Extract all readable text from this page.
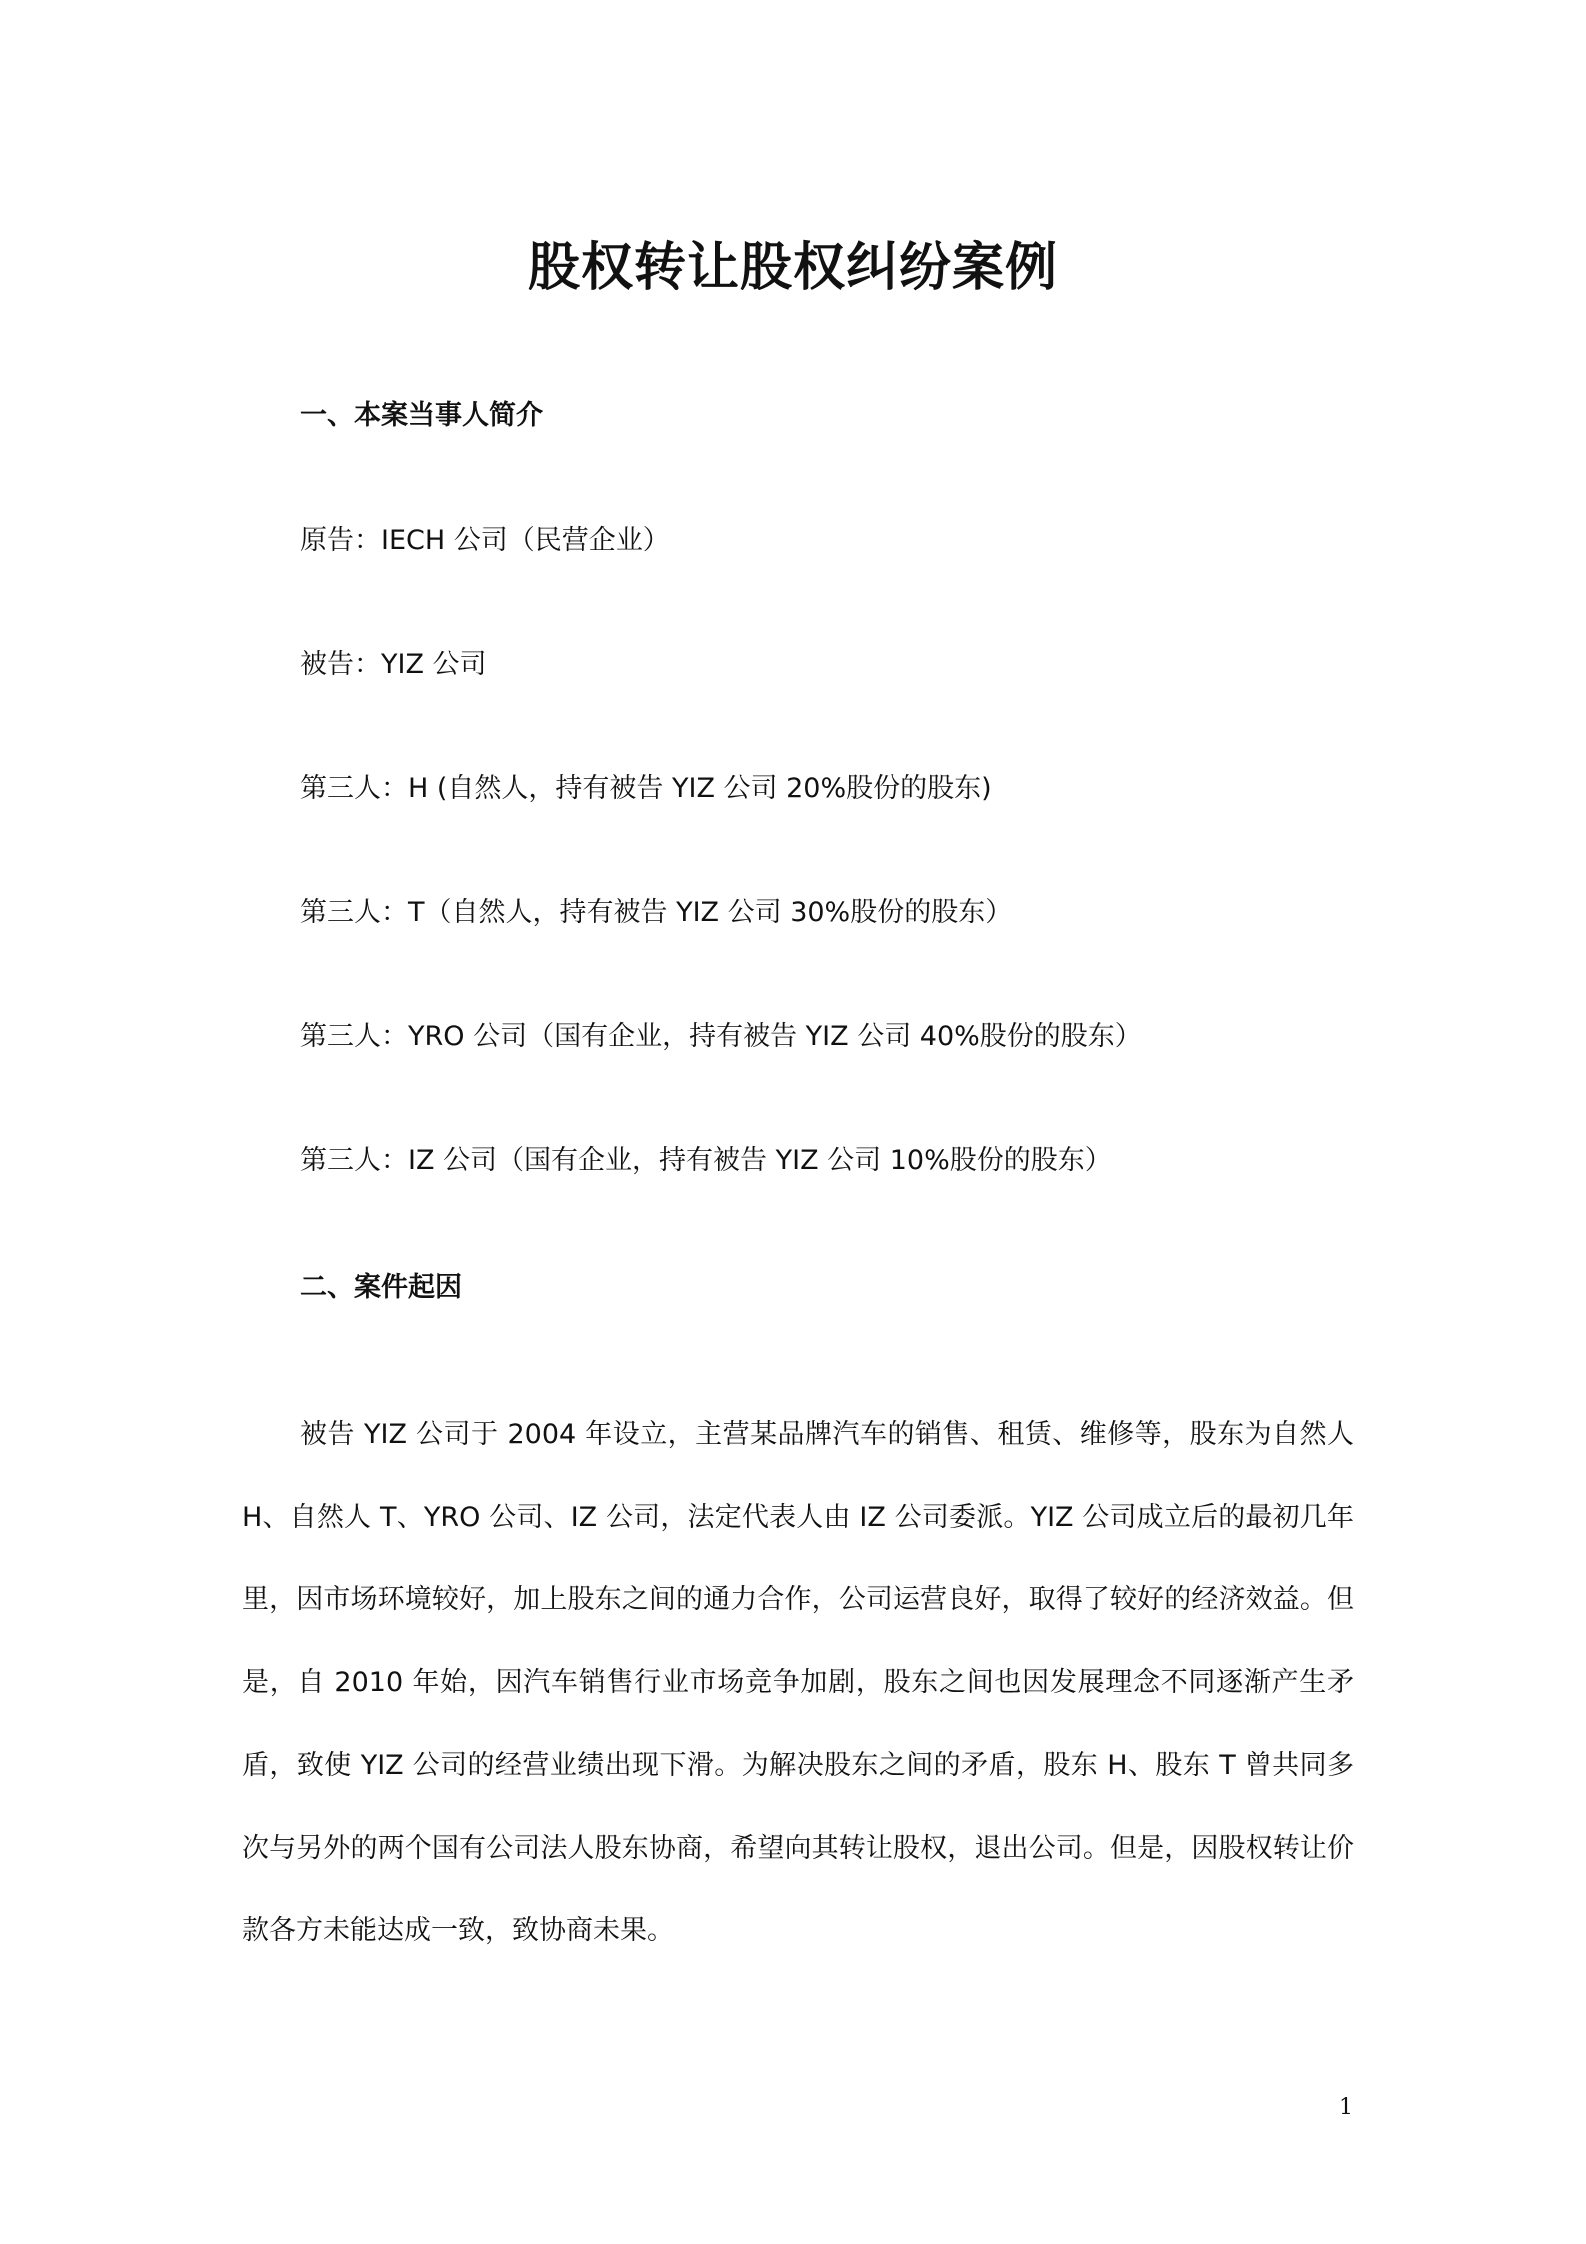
股权转让股权纠纷案例
一、本案当事人简介

原告：IECH 公司（民营企业）

被告：YIZ 公司

第三人：H (自然人，持有被告 YIZ 公司 20%股份的股东)

第三人：T（自然人，持有被告 YIZ 公司 30%股份的股东）

第三人：YRO 公司（国有企业，持有被告 YIZ 公司 40%股份的股东）

第三人：IZ 公司（国有企业，持有被告 YIZ 公司 10%股份的股东）

二、案件起因

被告 YIZ 公司于 2004 年设立，主营某品牌汽车的销售、租赁、维修等，股东为自然人 H、自然人 T、YRO 公司、IZ 公司，法定代表人由 IZ 公司委派。YIZ 公司成立后的最初几年里，因市场环境较好，加上股东之间的通力合作，公司运营良好，取得了较好的经济效益。但是，自 2010 年始，因汽车销售行业市场竞争加剧，股东之间也因发展理念不同逐渐产生矛盾，致使 YIZ 公司的经营业绩出现下滑。为解决股东之间的矛盾，股东 H、股东 T 曾共同多次与另外的两个国有公司法人股东协商，希望向其转让股权，退出公司。但是，因股权转让价款各方未能达成一致，致协商未果。

1
